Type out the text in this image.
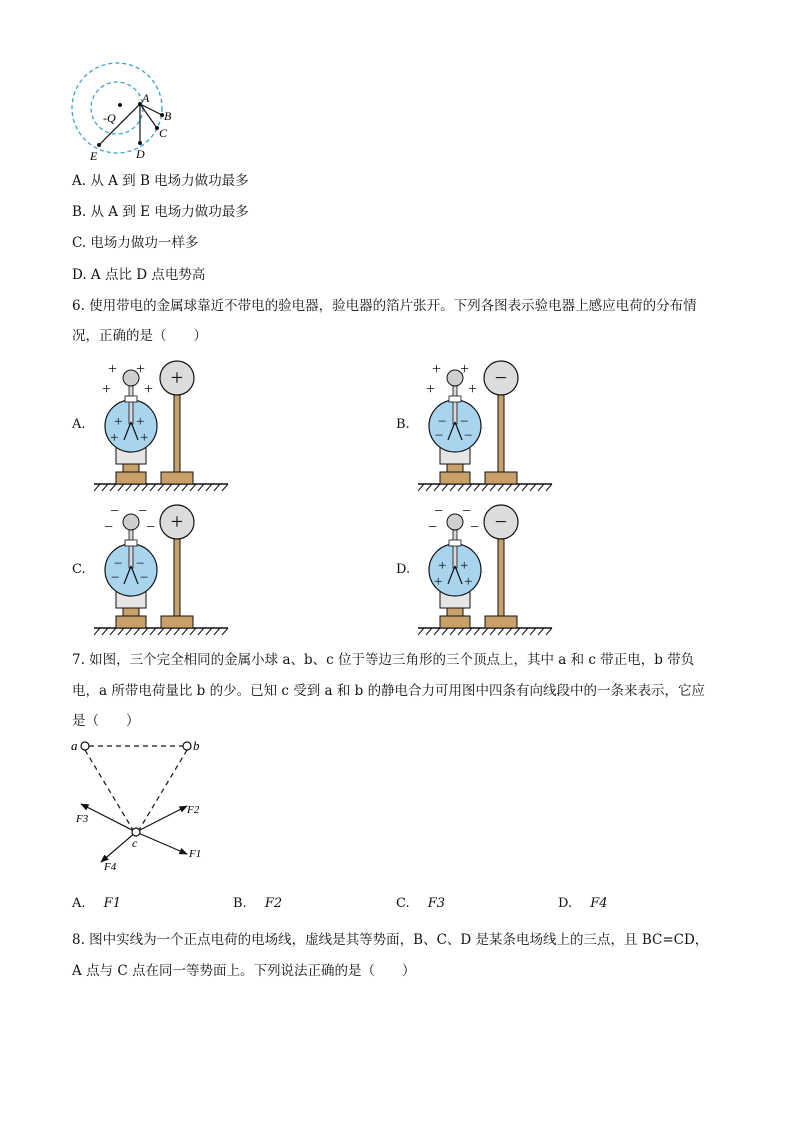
-Q
A
B
C
D
E
A. 从 A 到 B 电场力做功最多
B. 从 A 到 E 电场力做功最多
C. 电场力做功一样多
D. A 点比 D 点电势高
6. 使用带电的金属球靠近不带电的验电器，验电器的箔片张开。下列各图表示验电器上感应电荷的分布情
况，正确的是（　　）
A.
+ +
+ +
+ +
+ +
+
B.
+ +
+ +
− −
− −
−
C.
− −
− −
− −
− −
+
D.
− −
− −
+ +
+ +
−
7. 如图，三个完全相同的金属小球 a、b、c 位于等边三角形的三个顶点上，其中 a 和 c 带正电，b 带负
电，a 所带电荷量比 b 的少。已知 c 受到 a 和 b 的静电合力可用图中四条有向线段中的一条来表示，它应
是（　　）
a	b
c
F1
F2
F3
F4
A. F1	B. F2	C. F3	D. F4
8. 图中实线为一个正点电荷的电场线，虚线是其等势面，B、C、D 是某条电场线上的三点，且 BC=CD，
A 点与 C 点在同一等势面上。下列说法正确的是（　　）
